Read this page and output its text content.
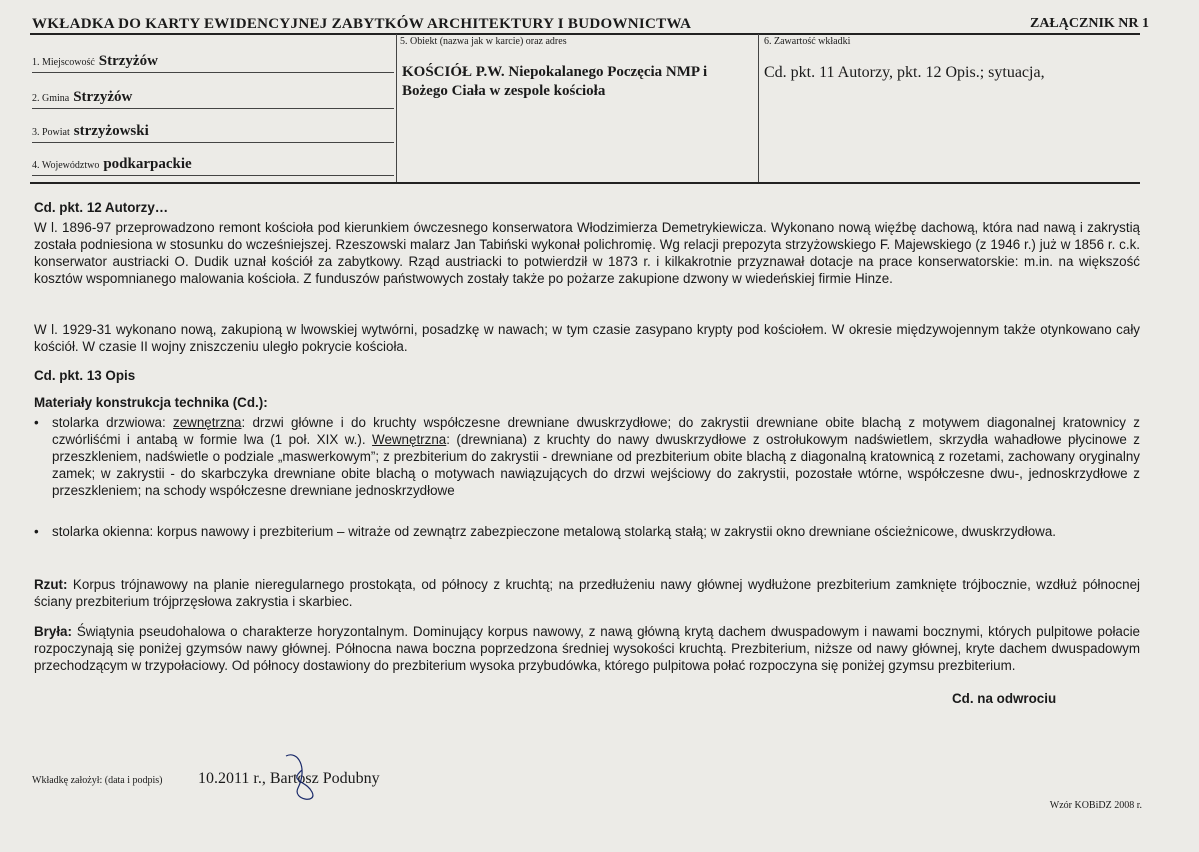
WKŁADKA DO KARTY EWIDENCYJNEJ ZABYTKÓW ARCHITEKTURY I BUDOWNICTWA	ZAŁĄCZNIK NR 1
1. Miejscowość Strzyżów
2. Gmina Strzyżów
3. Powiat strzyżowski
4. Województwo podkarpackie
5. Obiekt (nazwa jak w karcie) oraz adres
KOŚCIÓŁ P.W. Niepokalanego Poczęcia NMP i Bożego Ciała w zespole kościoła
6. Zawartość wkładki
Cd. pkt. 11 Autorzy, pkt. 12 Opis.; sytuacja,
Cd. pkt. 12 Autorzy…
W l. 1896-97 przeprowadzono remont kościoła pod kierunkiem ówczesnego konserwatora Włodzimierza Demetrykiewicza. Wykonano nową więźbę dachową, która nad nawą i zakrystią została podniesiona w stosunku do wcześniejszej. Rzeszowski malarz Jan Tabiński wykonał polichromię. Wg relacji prepozyta strzyżowskiego F. Majewskiego (z 1946 r.) już w 1856 r. c.k. konserwator austriacki O. Dudik uznał kościół za zabytkowy. Rząd austriacki to potwierdził w 1873 r. i kilkakrotnie przyznawał dotacje na prace konserwatorskie: m.in. na większość kosztów wspomnianego malowania kościoła. Z funduszów państwowych zostały także po pożarze zakupione dzwony w wiedeńskiej firmie Hinze.
W l. 1929-31 wykonano nową, zakupioną w lwowskiej wytwórni, posadzkę w nawach; w tym czasie zasypano krypty pod kościołem. W okresie międzywojennym także otynkowano cały kościół. W czasie II wojny zniszczeniu uległo pokrycie kościoła.
Cd. pkt. 13 Opis
Materiały konstrukcja technika (Cd.):
• stolarka drzwiowa: zewnętrzna: drzwi główne i do kruchty współczesne drewniane dwuskrzydłowe; do zakrystii drewniane obite blachą z motywem diagonalnej kratownicy z czwórliśćmi i antabą w formie lwa (1 poł. XIX w.). Wewnętrzna: (drewniana) z kruchty do nawy dwuskrzydłowe z ostrołukowym nadświetlem, skrzydła wahadłowe płycinowe z przeszkleniem, nadświetle o podziale „maswerkowym”; z prezbiterium do zakrystii - drewniane od prezbiterium obite blachą z diagonalną kratownicą z rozetami, zachowany oryginalny zamek; w zakrystii - do skarbczyka drewniane obite blachą o motywach nawiązujących do drzwi wejściowy do zakrystii, pozostałe wtórne, współczesne dwu-, jednoskrzydłowe z przeszkleniem; na schody współczesne drewniane jednoskrzydłowe
• stolarka okienna: korpus nawowy i prezbiterium – witraże od zewnątrz zabezpieczone metalową stolarką stałą; w zakrystii okno drewniane ościeżnicowe, dwuskrzydłowa.
Rzut: Korpus trójnawowy na planie nieregularnego prostokąta, od północy z kruchtą; na przedłużeniu nawy głównej wydłużone prezbiterium zamknięte trójbocznie, wzdłuż północnej ściany prezbiterium trójprzęsłowa zakrystia i skarbiec.
Bryła: Świątynia pseudohalowa o charakterze horyzontalnym. Dominujący korpus nawowy, z nawą główną krytą dachem dwuspadowym i nawami bocznymi, których pulpitowe połacie rozpoczynają się poniżej gzymsów nawy głównej. Północna nawa boczna poprzedzona średniej wysokości kruchtą. Prezbiterium, niższe od nawy głównej, kryte dachem dwuspadowym przechodzącym w trzypołaciowy. Od północy dostawiony do prezbiterium wysoka przybudówka, którego pulpitowa połać rozpoczyna się poniżej gzymsu prezbiterium.
Cd. na odwrociu
Wkładkę założył: (data i podpis) 10.2011 r., Bartosz Podubny
Wzór KOBiDZ 2008 r.
